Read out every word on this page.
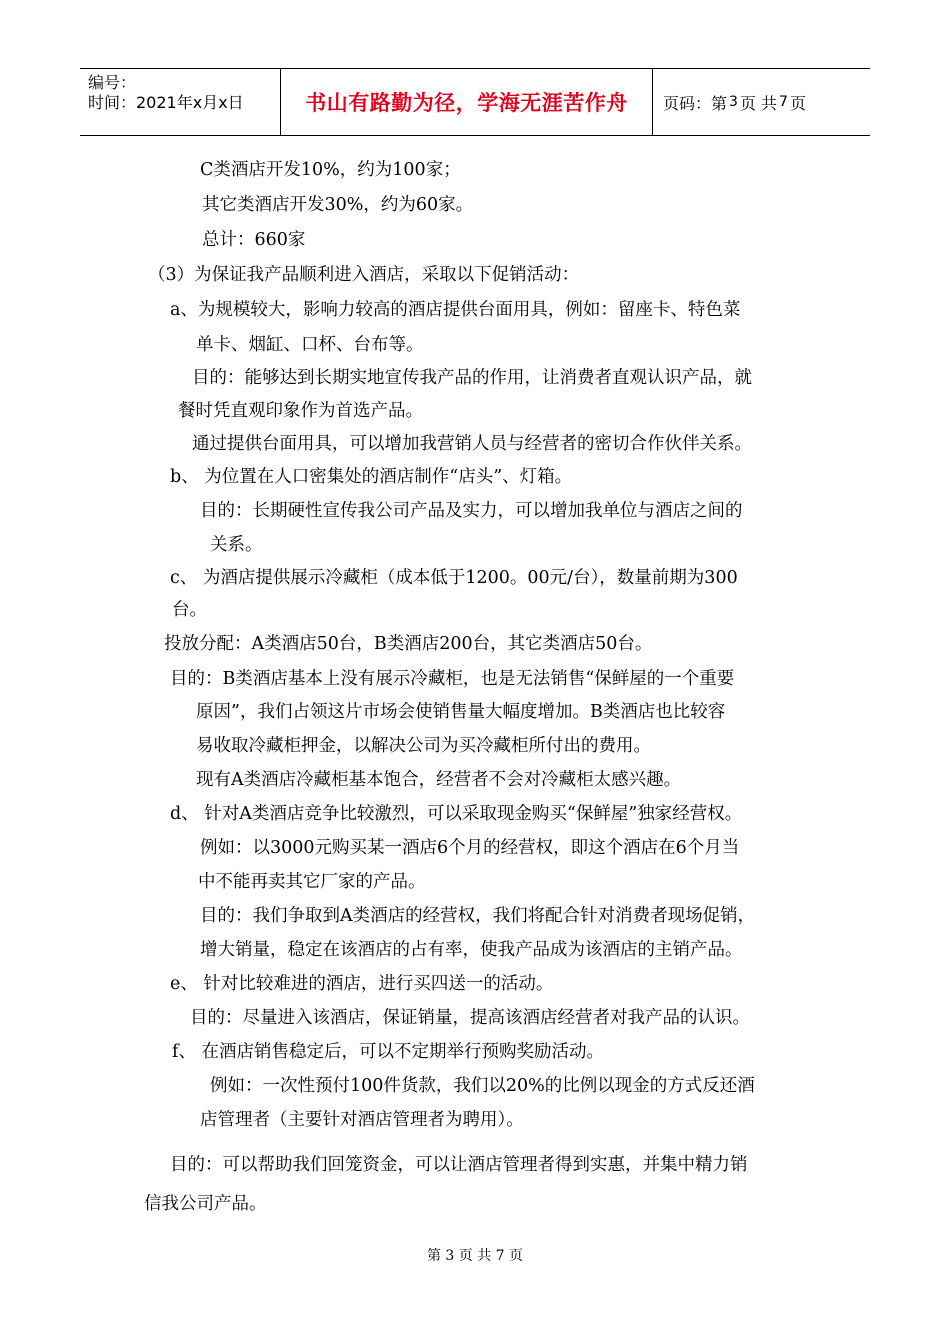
编号：
时间：2021年x月x日	书山有路勤为径，学海无涯苦作舟	页码：第 3 页 共 7 页
C类酒店开发10%，约为100家；
其它类酒店开发30%，约为60家。
总计：660家
（3）为保证我产品顺利进入酒店，采取以下促销活动：
a、为规模较大，影响力较高的酒店提供台面用具，例如：留座卡、特色菜
单卡、烟缸、口杯、台布等。
目的：能够达到长期实地宣传我产品的作用，让消费者直观认识产品，就
餐时凭直观印象作为首选产品。
通过提供台面用具，可以增加我营销人员与经营者的密切合作伙伴关系。
b、 为位置在人口密集处的酒店制作“店头”、灯箱。
目的：长期硬性宣传我公司产品及实力，可以增加我单位与酒店之间的
关系。
c、 为酒店提供展示冷藏柜（成本低于1200。00元/台），数量前期为300
台。
投放分配：A类酒店50台，B类酒店200台，其它类酒店50台。
目的：B类酒店基本上没有展示冷藏柜，也是无法销售“保鲜屋的一个重要
原因”，我们占领这片市场会使销售量大幅度增加。B类酒店也比较容
易收取冷藏柜押金，以解决公司为买冷藏柜所付出的费用。
现有A类酒店冷藏柜基本饱合，经营者不会对冷藏柜太感兴趣。
d、 针对A类酒店竞争比较激烈，可以采取现金购买“保鲜屋”独家经营权。
例如：以3000元购买某一酒店6个月的经营权，即这个酒店在6个月当
中不能再卖其它厂家的产品。
目的：我们争取到A类酒店的经营权，我们将配合针对消费者现场促销，
增大销量，稳定在该酒店的占有率，使我产品成为该酒店的主销产品。
e、 针对比较难进的酒店，进行买四送一的活动。
目的：尽量进入该酒店，保证销量，提高该酒店经营者对我产品的认识。
f、 在酒店销售稳定后，可以不定期举行预购奖励活动。
例如：一次性预付100件货款，我们以20%的比例以现金的方式反还酒
店管理者（主要针对酒店管理者为聘用）。
目的：可以帮助我们回笼资金，可以让酒店管理者得到实惠，并集中精力销
信我公司产品。
第 3 页 共 7 页
